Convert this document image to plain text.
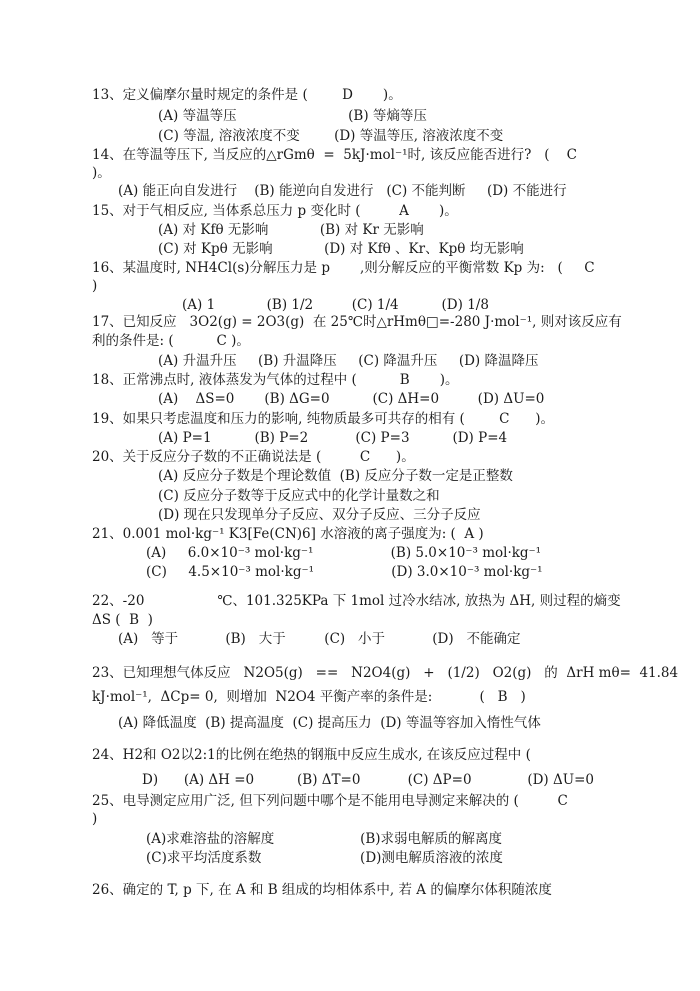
13、定义偏摩尔量时规定的条件是 (        D       )。
(A) 等温等压                          (B) 等熵等压
(C) 等温, 溶液浓度不变        (D) 等温等压, 溶液浓度不变
14、在等温等压下, 当反应的△rGmθ  =  5kJ·mol⁻¹时, 该反应能否进行?   (    C
)。
(A) 能正向自发进行    (B) 能逆向自发进行   (C) 不能判断     (D) 不能进行
15、对于气相反应, 当体系总压力 p 变化时 (         A       )。
(A) 对 Kfθ 无影响            (B) 对 Kr 无影响
(C) 对 Kpθ 无影响            (D) 对 Kfθ 、Kr、Kpθ 均无影响
16、某温度时, NH4Cl(s)分解压力是 p       ,则分解反应的平衡常数 Kp 为:   (     C
)
(A) 1            (B) 1/2         (C) 1/4          (D) 1/8
17、已知反应   3O2(g) = 2O3(g)  在 25℃时△rHmθ□=-280 J·mol⁻¹, 则对该反应有
利的条件是: (          C )。
(A) 升温升压     (B) 升温降压     (C) 降温升压     (D) 降温降压
18、正常沸点时, 液体蒸发为气体的过程中 (          B       )。
(A)    ΔS=0       (B) ΔG=0          (C) ΔH=0         (D) ΔU=0
19、如果只考虑温度和压力的影响, 纯物质最多可共存的相有 (        C      )。
(A) P=1          (B) P=2           (C) P=3          (D) P=4
20、关于反应分子数的不正确说法是 (         C      )。
(A) 反应分子数是个理论数值  (B) 反应分子数一定是正整数
(C) 反应分子数等于反应式中的化学计量数之和
(D) 现在只发现单分子反应、双分子反应、三分子反应
21、0.001 mol·kg⁻¹ K3[Fe(CN)6] 水溶液的离子强度为: (  A )
(A)     6.0×10⁻³ mol·kg⁻¹                  (B) 5.0×10⁻³ mol·kg⁻¹
(C)     4.5×10⁻³ mol·kg⁻¹                  (D) 3.0×10⁻³ mol·kg⁻¹
22、-20                 ℃、101.325KPa 下 1mol 过冷水结冰, 放热为 ΔH, 则过程的熵变
ΔS (  B  )
(A)   等于           (B)   大于         (C)   小于           (D)   不能确定
23、已知理想气体反应   N2O5(g)   ==   N2O4(g)   +   (1/2)   O2(g)   的  ΔrH mθ=  41.84
kJ·mol⁻¹,  ΔCp= 0,  则增加  N2O4 平衡产率的条件是:           (   B   )
(A) 降低温度  (B) 提高温度  (C) 提高压力  (D) 等温等容加入惰性气体
24、H2和 O2以2:1的比例在绝热的钢瓶中反应生成水, 在该反应过程中 (
D)      (A) ΔH =0          (B) ΔT=0           (C) ΔP=0             (D) ΔU=0
25、电导测定应用广泛, 但下列问题中哪个是不能用电导测定来解决的 (         C
)
(A)求难溶盐的溶解度                    (B)求弱电解质的解离度
(C)求平均活度系数                       (D)测电解质溶液的浓度
26、确定的 T, p 下, 在 A 和 B 组成的均相体系中, 若 A 的偏摩尔体积随浓度
